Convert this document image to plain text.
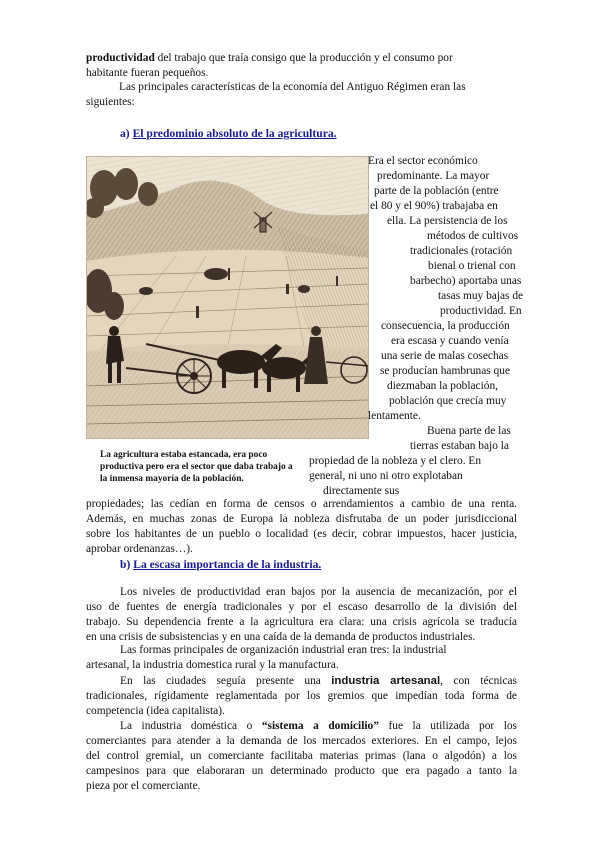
productividad del trabajo que traía consigo que la producción y el consumo por
habitante fueran pequeños.
Las principales características de la economía del Antiguo Régimen eran las
siguientes:
a) El predominio absoluto de la agricultura.
Era el sector económico
predominante. La mayor
parte de la población (entre
el 80 y el 90%) trabajaba en
ella. La persistencia de los
métodos de cultivos
tradicionales (rotación
bienal o trienal con
barbecho) aportaba unas
tasas muy bajas de
productividad. En
consecuencia, la producción
era escasa y cuando venía
una serie de malas cosechas
se producían hambrunas que
diezmaban la población,
población que crecía muy
lentamente.
Buena parte de las
tierras estaban bajo la
propiedad de la nobleza y el clero. En
general, ni uno ni otro explotaban
directamente sus
La agricultura estaba estancada, era poco
productiva pero era el sector que daba trabajo a
la inmensa mayoría de la población.
propiedades; las cedían en forma de censos o arrendamientos a cambio de una renta.
Además, en muchas zonas de Europa la nobleza disfrutaba de un poder jurisdiccional
sobre los habitantes de un pueblo o localidad (es decir, cobrar impuestos, hacer justicia,
aprobar ordenanzas…).
b) La escasa importancia de la industria.
Los niveles de productividad eran bajos por la ausencia de mecanización, por el
uso de fuentes de energía tradicionales y por el escaso desarrollo de la división del
trabajo. Su dependencia frente a la agricultura era clara: una crisis agrícola se traducía
en una crisis de subsistencias y en una caída de la demanda de productos industriales.
Las formas principales de organización industrial eran tres: la industrial
artesanal, la industria domestica rural y la manufactura.
En las ciudades seguía presente una industria artesanal, con técnicas
tradicionales, rígidamente reglamentada por los gremios que impedían toda forma de
competencia (idea capitalista).
La industria doméstica o “sistema a domicilio” fue la utilizada por los
comerciantes para atender a la demanda de los mercados exteriores. En el campo, lejos
del control gremial, un comerciante facilitaba materias primas (lana o algodón) a los
campesinos para que elaboraran un determinado producto que era pagado a tanto la
pieza por el comerciante.
